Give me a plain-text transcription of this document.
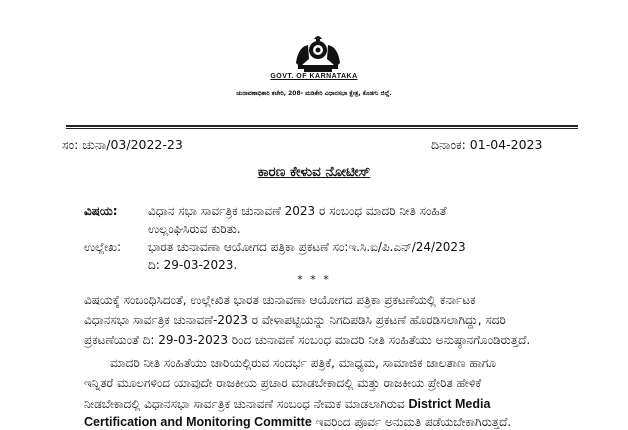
GOVT. OF KARNATAKA
ಚುನಾವಣಾಧಿಕಾರಿ ಕಚೇರಿ, 208- ಮಡಿಕೇರಿ ವಿಧಾನಸಭಾ ಕ್ಷೇತ್ರ, ಕೊಡಗು ಜಿಲ್ಲೆ.
ಸಂ: ಚುನಾ/03/2022-23	ದಿನಾಂಕ: 01-04-2023
ಕಾರಣ ಕೇಳುವ ನೋಟೀಸ್
ವಿಷಯ:	ವಿಧಾನ ಸಭಾ ಸಾರ್ವತ್ರಿಕ ಚುನಾವಣೆ 2023 ರ ಸಂಬಂಧ ಮಾದರಿ ನೀತಿ ಸಂಹಿತೆ
ಉಲ್ಲಂಘಿಸಿರುವ ಕುರಿತು.
ಉಲ್ಲೇಖ: ಭಾರತ ಚುನಾವಣಾ ಆಯೋಗದ ಪತ್ರಿಕಾ ಪ್ರಕಟಣೆ ಸಂ:ಇ.ಸಿ.ಐ/ಪಿ.ಎನ್/24/2023
ದಿ: 29-03-2023.
* * *
ವಿಷಯಕ್ಕೆ ಸಂಬಂಧಿಸಿದಂತೆ, ಉಲ್ಲೇಖಿತ ಭಾರತ ಚುನಾವಣಾ ಆಯೋಗದ ಪತ್ರಿಕಾ ಪ್ರಕಟಣೆಯಲ್ಲಿ ಕರ್ನಾಟಕ
ವಿಧಾನಸಭಾ ಸಾರ್ವತ್ರಿಕ ಚುನಾವಣೆ-2023 ರ ವೇಳಾಪಟ್ಟಿಯನ್ನು ನಿಗದಿಪಡಿಸಿ ಪ್ರಕಟಣೆ ಹೊರಡಿಸಲಾಗಿದ್ದು, ಸದರಿ
ಪ್ರಕಟಣೆಯಂತೆ ದಿ: 29-03-2023 ರಿಂದ ಚುನಾವಣೆ ಸಂಬಂಧ ಮಾದರಿ ನೀತಿ ಸಂಹಿತೆಯು ಅನುಷ್ಠಾನಗೊಂಡಿರುತ್ತದೆ.
ಮಾದರಿ ನೀತಿ ಸಂಹಿತೆಯು ಜಾರಿಯಲ್ಲಿರುವ ಸಂದರ್ಭ ಪತ್ರಿಕೆ, ಮಾಧ್ಯಮ, ಸಾಮಾಜಿಕ ಜಾಲತಾಣ ಹಾಗೂ
ಇನ್ನಿತರೆ ಮೂಲಗಳಿಂದ ಯಾವುದೇ ರಾಜಕೀಯ ಪ್ರಚಾರ ಮಾಡಬೇಕಾದಲ್ಲಿ ಮತ್ತು ರಾಜಕೀಯ ಪ್ರೇರಿತ ಹೇಳಿಕೆ
ನೀಡಬೇಕಾದಲ್ಲಿ ವಿಧಾನಸಭಾ ಸಾರ್ವತ್ರಿಕ ಚುನಾವಣೆ ಸಂಬಂಧ ನೇಮಕ ಮಾಡಲಾಗಿರುವ District Media
Certification and Monitoring Committe ಇವರಿಂದ ಪೂರ್ವ ಅನುಮತಿ ಪಡೆಯಬೇಕಾಗಿರುತ್ತದೆ.
